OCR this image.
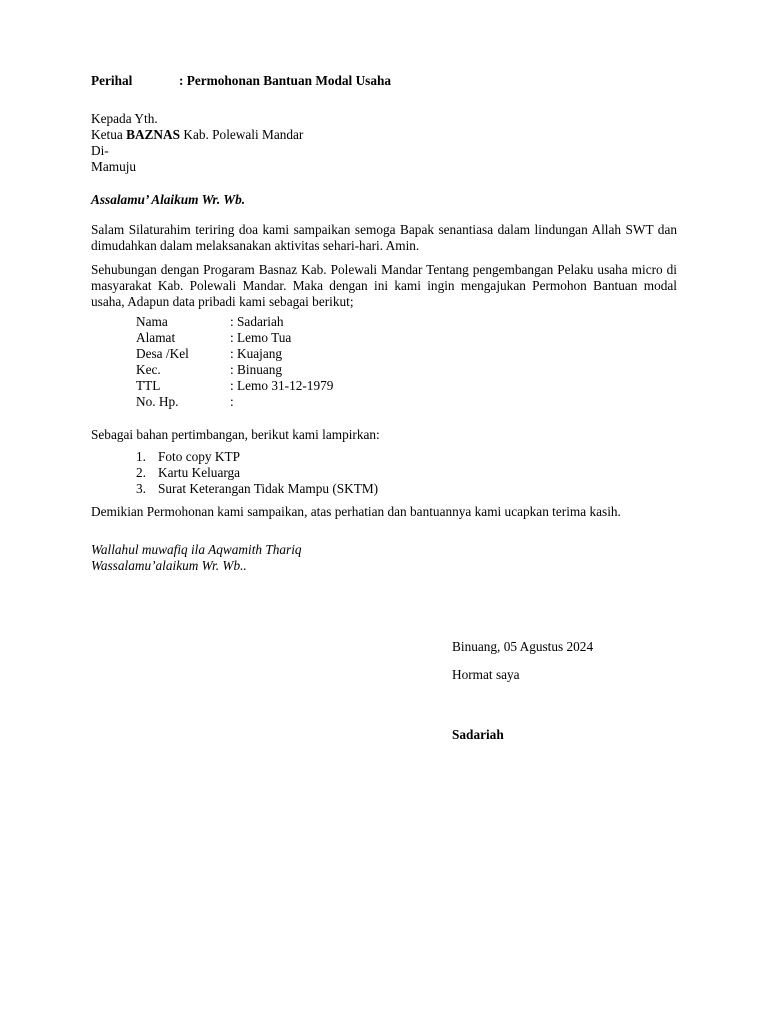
Perihal	: Permohonan Bantuan Modal Usaha
Kepada Yth.
Ketua BAZNAS Kab. Polewali Mandar
Di-
Mamuju
Assalamu’ Alaikum Wr. Wb.
Salam Silaturahim teriring doa kami sampaikan semoga Bapak senantiasa dalam lindungan Allah SWT dan dimudahkan dalam melaksanakan aktivitas sehari-hari. Amin.
Sehubungan dengan Progaram Basnaz Kab. Polewali Mandar Tentang pengembangan Pelaku usaha micro di masyarakat Kab. Polewali Mandar. Maka dengan ini kami ingin mengajukan Permohon Bantuan modal usaha, Adapun data pribadi kami sebagai berikut;
Nama	: Sadariah
Alamat	: Lemo Tua
Desa /Kel	: Kuajang
Kec.	: Binuang
TTL	: Lemo 31-12-1979
No. Hp.	:
Sebagai bahan pertimbangan, berikut kami lampirkan:
1. Foto copy KTP
2. Kartu Keluarga
3. Surat Keterangan Tidak Mampu (SKTM)
Demikian Permohonan kami sampaikan, atas perhatian dan bantuannya kami ucapkan terima kasih.
Wallahul muwafiq ila Aqwamith Thariq
Wassalamu’alaikum Wr. Wb..
Binuang, 05 Agustus 2024
Hormat saya
Sadariah
